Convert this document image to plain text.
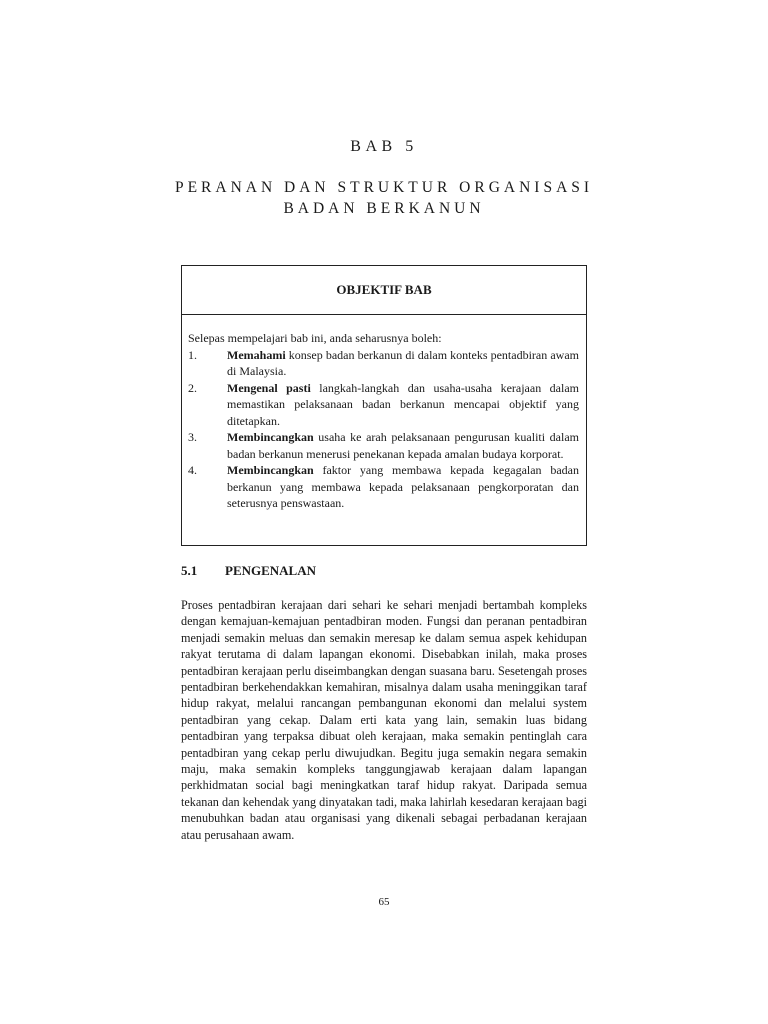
BAB 5
PERANAN DAN STRUKTUR ORGANISASI
BADAN BERKANUN
OBJEKTIF BAB
Selepas mempelajari bab ini, anda seharusnya boleh:
1.	Memahami konsep badan berkanun di dalam konteks pentadbiran awam di Malaysia.
2.	Mengenal pasti langkah-langkah dan usaha-usaha kerajaan dalam memastikan pelaksanaan badan berkanun mencapai objektif yang ditetapkan.
3.	Membincangkan usaha ke arah pelaksanaan pengurusan kualiti dalam badan berkanun menerusi penekanan kepada amalan budaya korporat.
4.	Membincangkan faktor yang membawa kepada kegagalan badan berkanun yang membawa kepada pelaksanaan pengkorporatan dan seterusnya penswastaan.
5.1	PENGENALAN
Proses pentadbiran kerajaan dari sehari ke sehari menjadi bertambah kompleks dengan kemajuan-kemajuan pentadbiran moden. Fungsi dan peranan pentadbiran menjadi semakin meluas dan semakin meresap ke dalam semua aspek kehidupan rakyat terutama di dalam lapangan ekonomi. Disebabkan inilah, maka proses pentadbiran kerajaan perlu diseimbangkan dengan suasana baru. Sesetengah proses pentadbiran berkehendakkan kemahiran, misalnya dalam usaha meninggikan taraf hidup rakyat, melalui rancangan pembangunan ekonomi dan melalui system pentadbiran yang cekap. Dalam erti kata yang lain, semakin luas bidang pentadbiran yang terpaksa dibuat oleh kerajaan, maka semakin pentinglah cara pentadbiran yang cekap perlu diwujudkan. Begitu juga semakin negara semakin maju, maka semakin kompleks tanggungjawab kerajaan dalam lapangan perkhidmatan social bagi meningkatkan taraf hidup rakyat. Daripada semua tekanan dan kehendak yang dinyatakan tadi, maka lahirlah kesedaran kerajaan bagi menubuhkan badan atau organisasi yang dikenali sebagai perbadanan kerajaan atau perusahaan awam.
65
